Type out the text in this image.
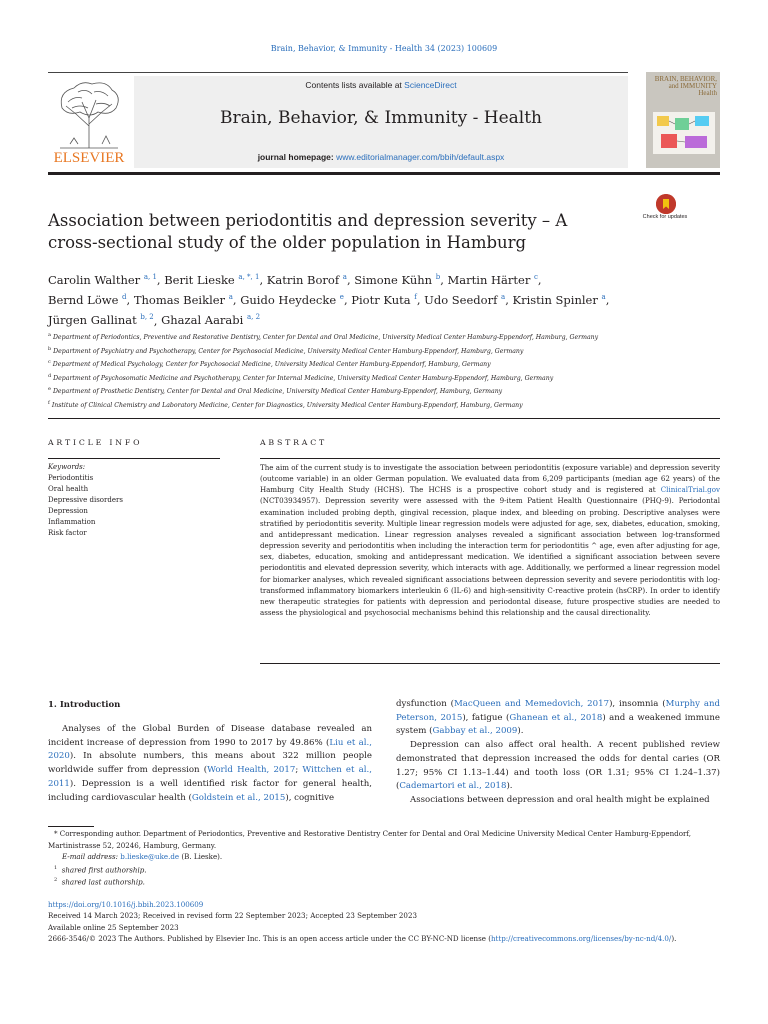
Brain, Behavior, & Immunity - Health 34 (2023) 100609
ELSEVIER
Contents lists available at ScienceDirect
Brain, Behavior, & Immunity - Health
journal homepage: www.editorialmanager.com/bbih/default.aspx
BRAIN, BEHAVIOR, and IMMUNITY Health
Association between periodontitis and depression severity – A cross-sectional study of the older population in Hamburg
Check for updates
Carolin Walther $^{a, 1}$, Berit Lieske $^{a, *, 1}$, Katrin Borof $^a$, Simone Kühn $^b$, Martin Härter $^c$,
Bernd Löwe $^d$, Thomas Beikler $^a$, Guido Heydecke $^e$, Piotr Kuta $^f$, Udo Seedorf $^a$, Kristin Spinler $^a$,
Jürgen Gallinat $^{b, 2}$, Ghazal Aarabi $^{a, 2}$
$^a$ Department of Periodontics, Preventive and Restorative Dentistry, Center for Dental and Oral Medicine, University Medical Center Hamburg-Eppendorf, Hamburg, Germany
$^b$ Department of Psychiatry and Psychotherapy, Center for Psychosocial Medicine, University Medical Center Hamburg-Eppendorf, Hamburg, Germany
$^c$ Department of Medical Psychology, Center for Psychosocial Medicine, University Medical Center Hamburg-Eppendorf, Hamburg, Germany
$^d$ Department of Psychosomatic Medicine and Psychotherapy, Center for Internal Medicine, University Medical Center Hamburg-Eppendorf, Hamburg, Germany
$^e$ Department of Prosthetic Dentistry, Center for Dental and Oral Medicine, University Medical Center Hamburg-Eppendorf, Hamburg, Germany
$^f$ Institute of Clinical Chemistry and Laboratory Medicine, Center for Diagnostics, University Medical Center Hamburg-Eppendorf, Hamburg, Germany
ARTICLE INFO
Keywords:
Periodontitis
Oral health
Depressive disorders
Depression
Inflammation
Risk factor
ABSTRACT
The aim of the current study is to investigate the association between periodontitis (exposure variable) and depression severity (outcome variable) in an older German population. We evaluated data from 6,209 participants (median age 62 years) of the Hamburg City Health Study (HCHS). The HCHS is a prospective cohort study and is registered at ClinicalTrial.gov (NCT03934957). Depression severity were assessed with the 9-item Patient Health Questionnaire (PHQ-9). Periodontal examination included probing depth, gingival recession, plaque index, and bleeding on probing. Descriptive analyses were stratified by periodontitis severity. Multiple linear regression models were adjusted for age, sex, diabetes, education, smoking, and antidepressant medication. Linear regression analyses revealed a significant association between log-transformed depression severity and periodontitis when including the interaction term for periodontitis ^ age, even after adjusting for age, sex, diabetes, education, smoking and antidepressant medication. We identified a significant association between severe periodontitis and elevated depression severity, which interacts with age. Additionally, we performed a linear regression model for biomarker analyses, which revealed significant associations between depression severity and severe periodontitis with log-transformed inflammatory biomarkers interleukin 6 (IL-6) and high-sensitivity C-reactive protein (hsCRP). In order to identify new therapeutic strategies for patients with depression and periodontal disease, future prospective studies are needed to assess the physiological and psychosocial mechanisms behind this relationship and the causal directionality.
1. Introduction

Analyses of the Global Burden of Disease database revealed an incident increase of depression from 1990 to 2017 by 49.86% (Liu et al., 2020). In absolute numbers, this means about 322 million people worldwide suffer from depression (World Health, 2017; Wittchen et al., 2011). Depression is a well identified risk factor for general health, including cardiovascular health (Goldstein et al., 2015), cognitive

dysfunction (MacQueen and Memedovich, 2017), insomnia (Murphy and Peterson, 2015), fatigue (Ghanean et al., 2018) and a weakened immune system (Gabbay et al., 2009).

Depression can also affect oral health. A recent published review demonstrated that depression increased the odds for dental caries (OR 1.27; 95% CI 1.13–1.44) and tooth loss (OR 1.31; 95% CI 1.24–1.37) (Cademartori et al., 2018).

Associations between depression and oral health might be explained

* Corresponding author. Department of Periodontics, Preventive and Restorative Dentistry Center for Dental and Oral Medicine University Medical Center Hamburg-Eppendorf, Martinistrasse 52, 20246, Hamburg, Germany.
E-mail address: b.lieske@uke.de (B. Lieske).
$^1$ shared first authorship.
$^2$ shared last authorship.
https://doi.org/10.1016/j.bbih.2023.100609
Received 14 March 2023; Received in revised form 22 September 2023; Accepted 23 September 2023
Available online 25 September 2023
2666-3546/© 2023 The Authors. Published by Elsevier Inc. This is an open access article under the CC BY-NC-ND license (http://creativecommons.org/licenses/by-nc-nd/4.0/).
